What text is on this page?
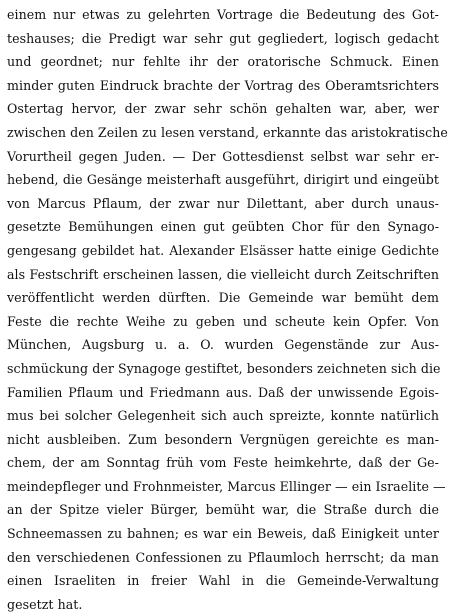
einem nur etwas zu gelehrten Vortrage die Bedeutung des Got-
teshauses; die Predigt war sehr gut gegliedert, logisch gedacht
und geordnet; nur fehlte ihr der oratorische Schmuck. Einen
minder guten Eindruck brachte der Vortrag des Oberamtsrichters
Ostertag hervor, der zwar sehr schön gehalten war, aber, wer
zwischen den Zeilen zu lesen verstand, erkannte das aristokratische
Vorurtheil gegen Juden. — Der Gottesdienst selbst war sehr er-
hebend, die Gesänge meisterhaft ausgeführt, dirigirt und eingeübt
von Marcus Pflaum, der zwar nur Dilettant, aber durch unaus-
gesetzte Bemühungen einen gut geübten Chor für den Synago-
gengesang gebildet hat. Alexander Elsässer hatte einige Gedichte
als Festschrift erscheinen lassen, die vielleicht durch Zeitschriften
veröffentlicht werden dürften. Die Gemeinde war bemüht dem
Feste die rechte Weihe zu geben und scheute kein Opfer. Von
München, Augsburg u. a. O. wurden Gegenstände zur Aus-
schmückung der Synagoge gestiftet, besonders zeichneten sich die
Familien Pflaum und Friedmann aus. Daß der unwissende Egois-
mus bei solcher Gelegenheit sich auch spreizte, konnte natürlich
nicht ausbleiben. Zum besondern Vergnügen gereichte es man-
chem, der am Sonntag früh vom Feste heimkehrte, daß der Ge-
meindepfleger und Frohnmeister, Marcus Ellinger — ein Israelite —
an der Spitze vieler Bürger, bemüht war, die Straße durch die
Schneemassen zu bahnen; es war ein Beweis, daß Einigkeit unter
den verschiedenen Confessionen zu Pflaumloch herrscht; da man
einen Israeliten in freier Wahl in die Gemeinde-Verwaltung
gesetzt hat.
